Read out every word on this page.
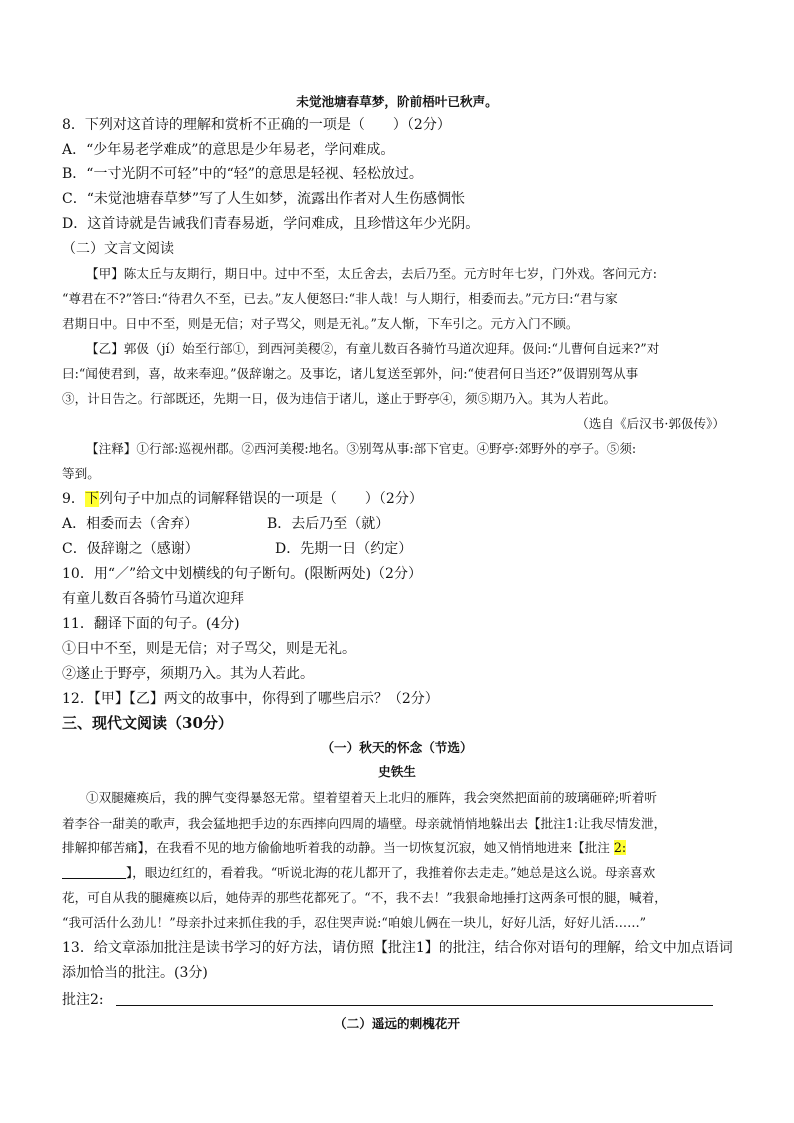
未觉池塘春草梦，阶前梧叶已秋声。
8．下列对这首诗的理解和赏析不正确的一项是（　　）（2分）
A．“少年易老学难成”的意思是少年易老，学问难成。
B．“一寸光阴不可轻”中的“轻”的意思是轻视、轻松放过。
C．“未觉池塘春草梦”写了人生如梦，流露出作者对人生伤感惆怅
D．这首诗就是告诫我们青春易逝，学问难成，且珍惜这年少光阴。
（二）文言文阅读
【甲】陈太丘与友期行，期日中。过中不至，太丘舍去，去后乃至。元方时年七岁，门外戏。客问元方:
“尊君在不?”答曰:“待君久不至，已去。”友人便怒曰:“非人哉！与人期行，相委而去。”元方曰:“君与家
君期日中。日中不至，则是无信；对子骂父，则是无礼。”友人惭，下车引之。元方入门不顾。
【乙】郭伋（jí）始至行部①，到西河美稷②，有童儿数百各骑竹马道次迎拜。伋问:“儿曹何自远来?”对
曰:“闻使君到，喜，故来奉迎。”伋辞谢之。及事讫，诸儿复送至郭外，问:“使君何日当还?”伋谓别驾从事
③，计日告之。行部既还，先期一日，伋为违信于诸儿，遂止于野亭④，须⑤期乃入。其为人若此。
（选自《后汉书·郭伋传》）
【注释】①行部:巡视州郡。②西河美稷:地名。③别驾从事:部下官吏。④野亭:郊野外的亭子。⑤须:
等到。
9．下列句子中加点的词解释错误的一项是（　　）（2分）
A．相委而去（舍弃）	B．去后乃至（就）
C．伋辞谢之（感谢）	D．先期一日（约定）
10．用“／”给文中划横线的句子断句。(限断两处)（2分）
有童儿数百各骑竹马道次迎拜
11．翻译下面的句子。(4分)
①日中不至，则是无信；对子骂父，则是无礼。
②遂止于野亭，须期乃入。其为人若此。
12．【甲】【乙】两文的故事中，你得到了哪些启示？（2分）
三、现代文阅读（30分）
（一）秋天的怀念（节选）
史铁生
①双腿瘫痪后，我的脾气变得暴怒无常。望着望着天上北归的雁阵，我会突然把面前的玻璃砸碎;听着听
着李谷一甜美的歌声，我会猛地把手边的东西摔向四周的墙壁。母亲就悄悄地躲出去【批注1:让我尽情发泄，
排解抑郁苦痛】，在我看不见的地方偷偷地听着我的动静。当一切恢复沉寂，她又悄悄地进来【批注 2:
】，眼边红红的，看着我。“听说北海的花儿都开了，我推着你去走走。”她总是这么说。母亲喜欢
花，可自从我的腿瘫痪以后，她侍弄的那些花都死了。“不，我不去！”我狠命地捶打这两条可恨的腿，喊着，
“我可活什么劲儿！”母亲扑过来抓住我的手，忍住哭声说:“咱娘儿俩在一块儿，好好儿活，好好儿活……”
13．给文章添加批注是读书学习的好方法，请仿照【批注1】的批注，结合你对语句的理解，给文中加点语词
添加恰当的批注。(3分)
批注2:
（二）遥远的刺槐花开
